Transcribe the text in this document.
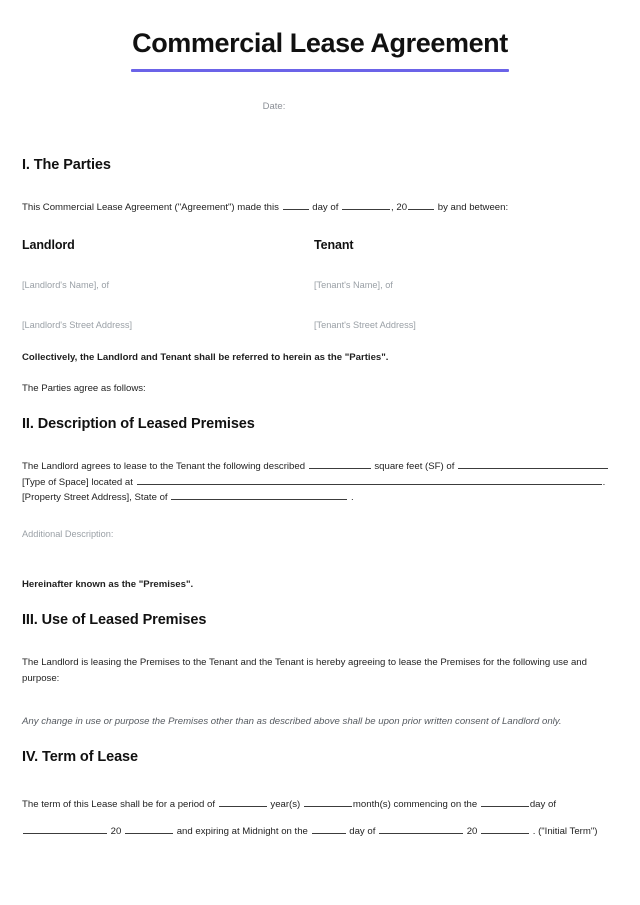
Commercial Lease Agreement
Date:
I. The Parties

This Commercial Lease Agreement ("Agreement") made this	day of	, 20	by and between:

Landlord	Tenant
[Landlord's Name], of	[Tenant's Name], of
[Landlord's Street Address]	[Tenant's Street Address]

Collectively, the Landlord and Tenant shall be referred to herein as the "Parties".

The Parties agree as follows:

II. Description of Leased Premises

The Landlord agrees to lease to the Tenant the following described	square feet (SF) of  [Type of Space] located at	. [Property Street Address], State of	.

Additional Description:

Hereinafter known as the "Premises".

III. Use of Leased Premises

The Landlord is leasing the Premises to the Tenant and the Tenant is hereby agreeing to lease the Premises for the following use and purpose:

Any change in use or purpose the Premises other than as described above shall be upon prior written consent of Landlord only.

IV. Term of Lease

The term of this Lease shall be for a period of	year(s)	month(s) commencing on the	day of

20	and expiring at Midnight on the	day of	20	. ("Initial Term")
